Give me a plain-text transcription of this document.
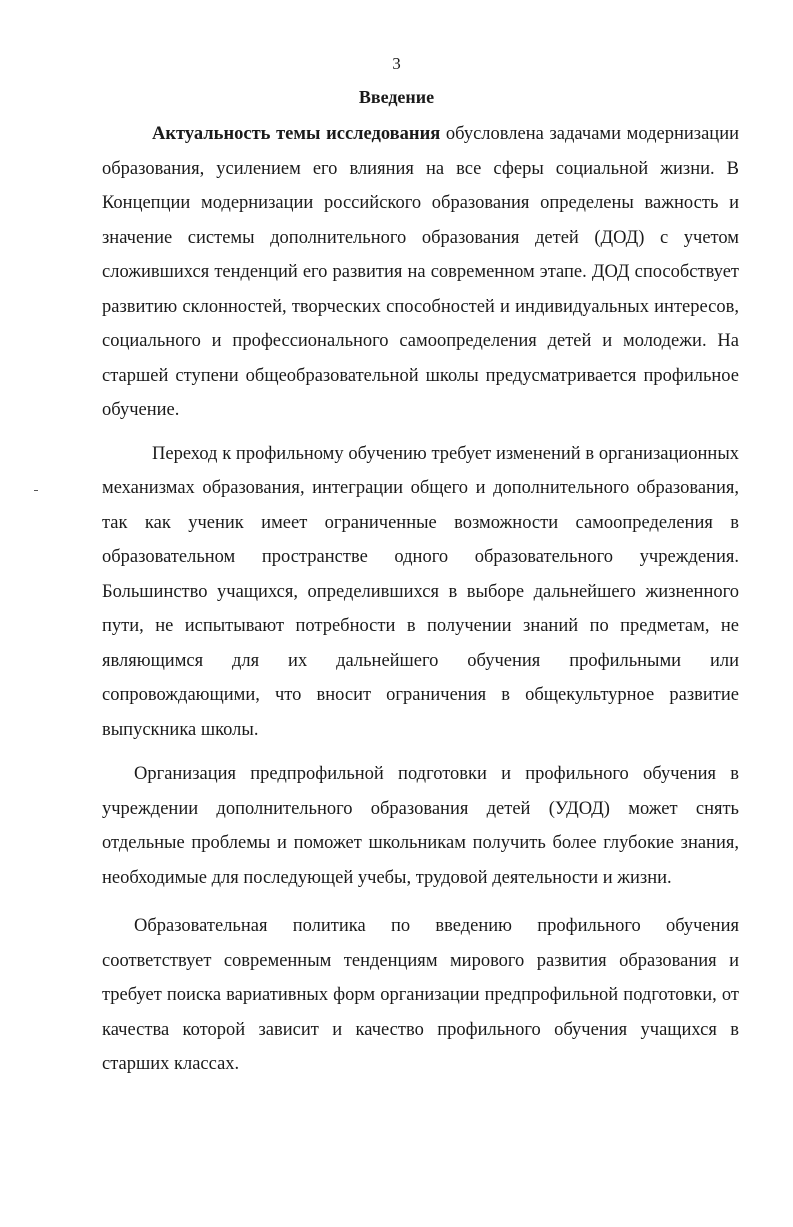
3
Введение

Актуальность темы исследования обусловлена задачами модернизации образования, усилением его влияния на все сферы социальной жизни. В Концепции модернизации российского образования определены важность и значение системы дополнительного образования детей (ДОД) с учетом сложившихся тенденций его развития на современном этапе. ДОД способствует развитию склонностей, творческих способностей и индивидуальных интересов, социального и профессионального самоопределения детей и молодежи. На старшей ступени общеобразовательной школы предусматривается профильное обучение.

Переход к профильному обучению требует изменений в организационных механизмах образования, интеграции общего и дополнительного образования, так как ученик имеет ограниченные возможности самоопределения в образовательном пространстве одного образовательного учреждения. Большинство учащихся, определившихся в выборе дальнейшего жизненного пути, не испытывают потребности в получении знаний по предметам, не являющимся для их дальнейшего обучения профильными или сопровождающими, что вносит ограничения в общекультурное развитие выпускника школы.

Организация предпрофильной подготовки и профильного обучения в учреждении дополнительного образования детей (УДОД) может снять отдельные проблемы и поможет школьникам получить более глубокие знания, необходимые для последующей учебы, трудовой деятельности и жизни.

Образовательная политика по введению профильного обучения соответствует современным тенденциям мирового развития образования и требует поиска вариативных форм организации предпрофильной подготовки, от качества которой зависит и качество профильного обучения учащихся в старших классах.
